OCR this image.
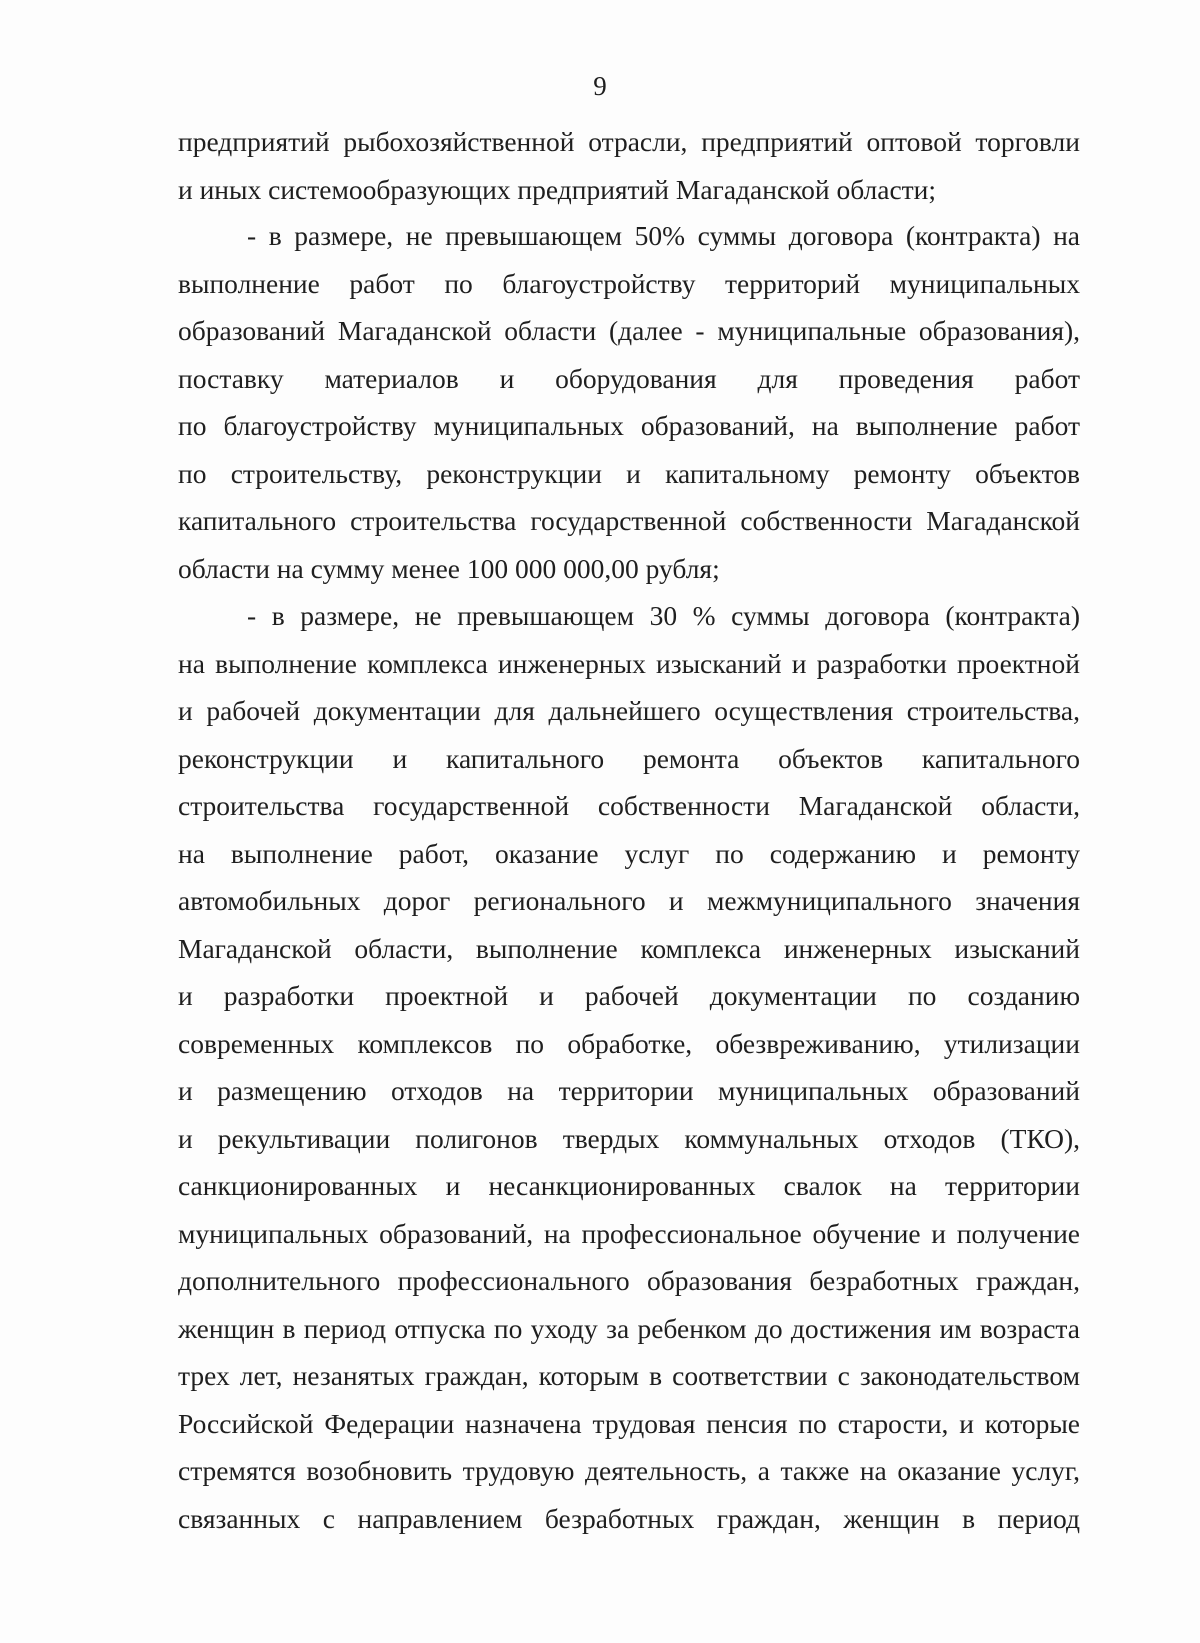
9
предприятий рыбохозяйственной отрасли, предприятий оптовой торговли
и иных системообразующих предприятий Магаданской области;
- в размере, не превышающем 50% суммы договора (контракта) на
выполнение работ по благоустройству территорий муниципальных
образований Магаданской области (далее - муниципальные образования),
поставку материалов и оборудования для проведения работ
по благоустройству муниципальных образований, на выполнение работ
по строительству, реконструкции и капитальному ремонту объектов
капитального строительства государственной собственности Магаданской
области на сумму менее 100 000 000,00 рубля;
- в размере, не превышающем 30 % суммы договора (контракта)
на выполнение комплекса инженерных изысканий и разработки проектной
и рабочей документации для дальнейшего осуществления строительства,
реконструкции и капитального ремонта объектов капитального
строительства государственной собственности Магаданской области,
на выполнение работ, оказание услуг по содержанию и ремонту
автомобильных дорог регионального и межмуниципального значения
Магаданской области, выполнение комплекса инженерных изысканий
и разработки проектной и рабочей документации по созданию
современных комплексов по обработке, обезвреживанию, утилизации
и размещению отходов на территории муниципальных образований
и рекультивации полигонов твердых коммунальных отходов (ТКО),
санкционированных и несанкционированных свалок на территории
муниципальных образований, на профессиональное обучение и получение
дополнительного профессионального образования безработных граждан,
женщин в период отпуска по уходу за ребенком до достижения им возраста
трех лет, незанятых граждан, которым в соответствии с законодательством
Российской Федерации назначена трудовая пенсия по старости, и которые
стремятся возобновить трудовую деятельность, а также на оказание услуг,
связанных с направлением безработных граждан, женщин в период
